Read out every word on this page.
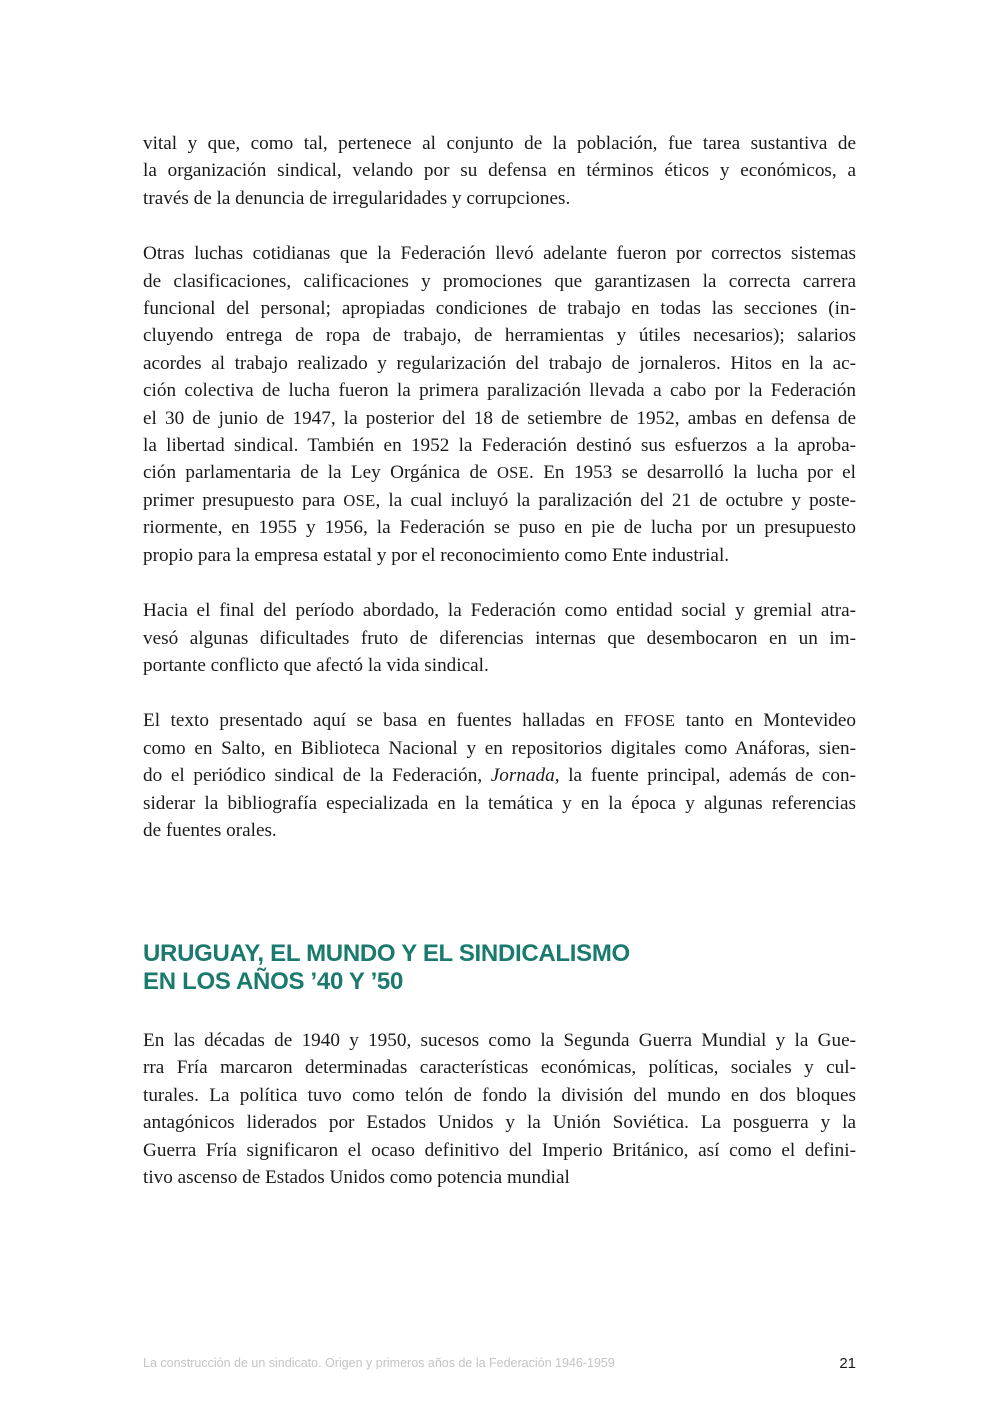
vital y que, como tal, pertenece al conjunto de la población, fue tarea sustantiva de
la organización sindical, velando por su defensa en términos éticos y económicos, a
través de la denuncia de irregularidades y corrupciones.

Otras luchas cotidianas que la Federación llevó adelante fueron por correctos sistemas
de clasificaciones, calificaciones y promociones que garantizasen la correcta carrera
funcional del personal; apropiadas condiciones de trabajo en todas las secciones (in-
cluyendo entrega de ropa de trabajo, de herramientas y útiles necesarios); salarios
acordes al trabajo realizado y regularización del trabajo de jornaleros. Hitos en la ac-
ción colectiva de lucha fueron la primera paralización llevada a cabo por la Federación
el 30 de junio de 1947, la posterior del 18 de setiembre de 1952, ambas en defensa de
la libertad sindical. También en 1952 la Federación destinó sus esfuerzos a la aproba-
ción parlamentaria de la Ley Orgánica de OSE. En 1953 se desarrolló la lucha por el
primer presupuesto para OSE, la cual incluyó la paralización del 21 de octubre y poste-
riormente, en 1955 y 1956, la Federación se puso en pie de lucha por un presupuesto
propio para la empresa estatal y por el reconocimiento como Ente industrial.

Hacia el final del período abordado, la Federación como entidad social y gremial atra-
vesó algunas dificultades fruto de diferencias internas que desembocaron en un im-
portante conflicto que afectó la vida sindical.

El texto presentado aquí se basa en fuentes halladas en FFOSE tanto en Montevideo
como en Salto, en Biblioteca Nacional y en repositorios digitales como Anáforas, sien-
do el periódico sindical de la Federación, Jornada, la fuente principal, además de con-
siderar la bibliografía especializada en la temática y en la época y algunas referencias
de fuentes orales.

URUGUAY, EL MUNDO Y EL SINDICALISMO
EN LOS AÑOS ’40 Y ’50

En las décadas de 1940 y 1950, sucesos como la Segunda Guerra Mundial y la Gue-
rra Fría marcaron determinadas características económicas, políticas, sociales y cul-
turales. La política tuvo como telón de fondo la división del mundo en dos bloques
antagónicos liderados por Estados Unidos y la Unión Soviética. La posguerra y la
Guerra Fría significaron el ocaso definitivo del Imperio Británico, así como el defini-
tivo ascenso de Estados Unidos como potencia mundial

La construcción de un sindicato. Origen y primeros años de la Federación 1946-1959	21
